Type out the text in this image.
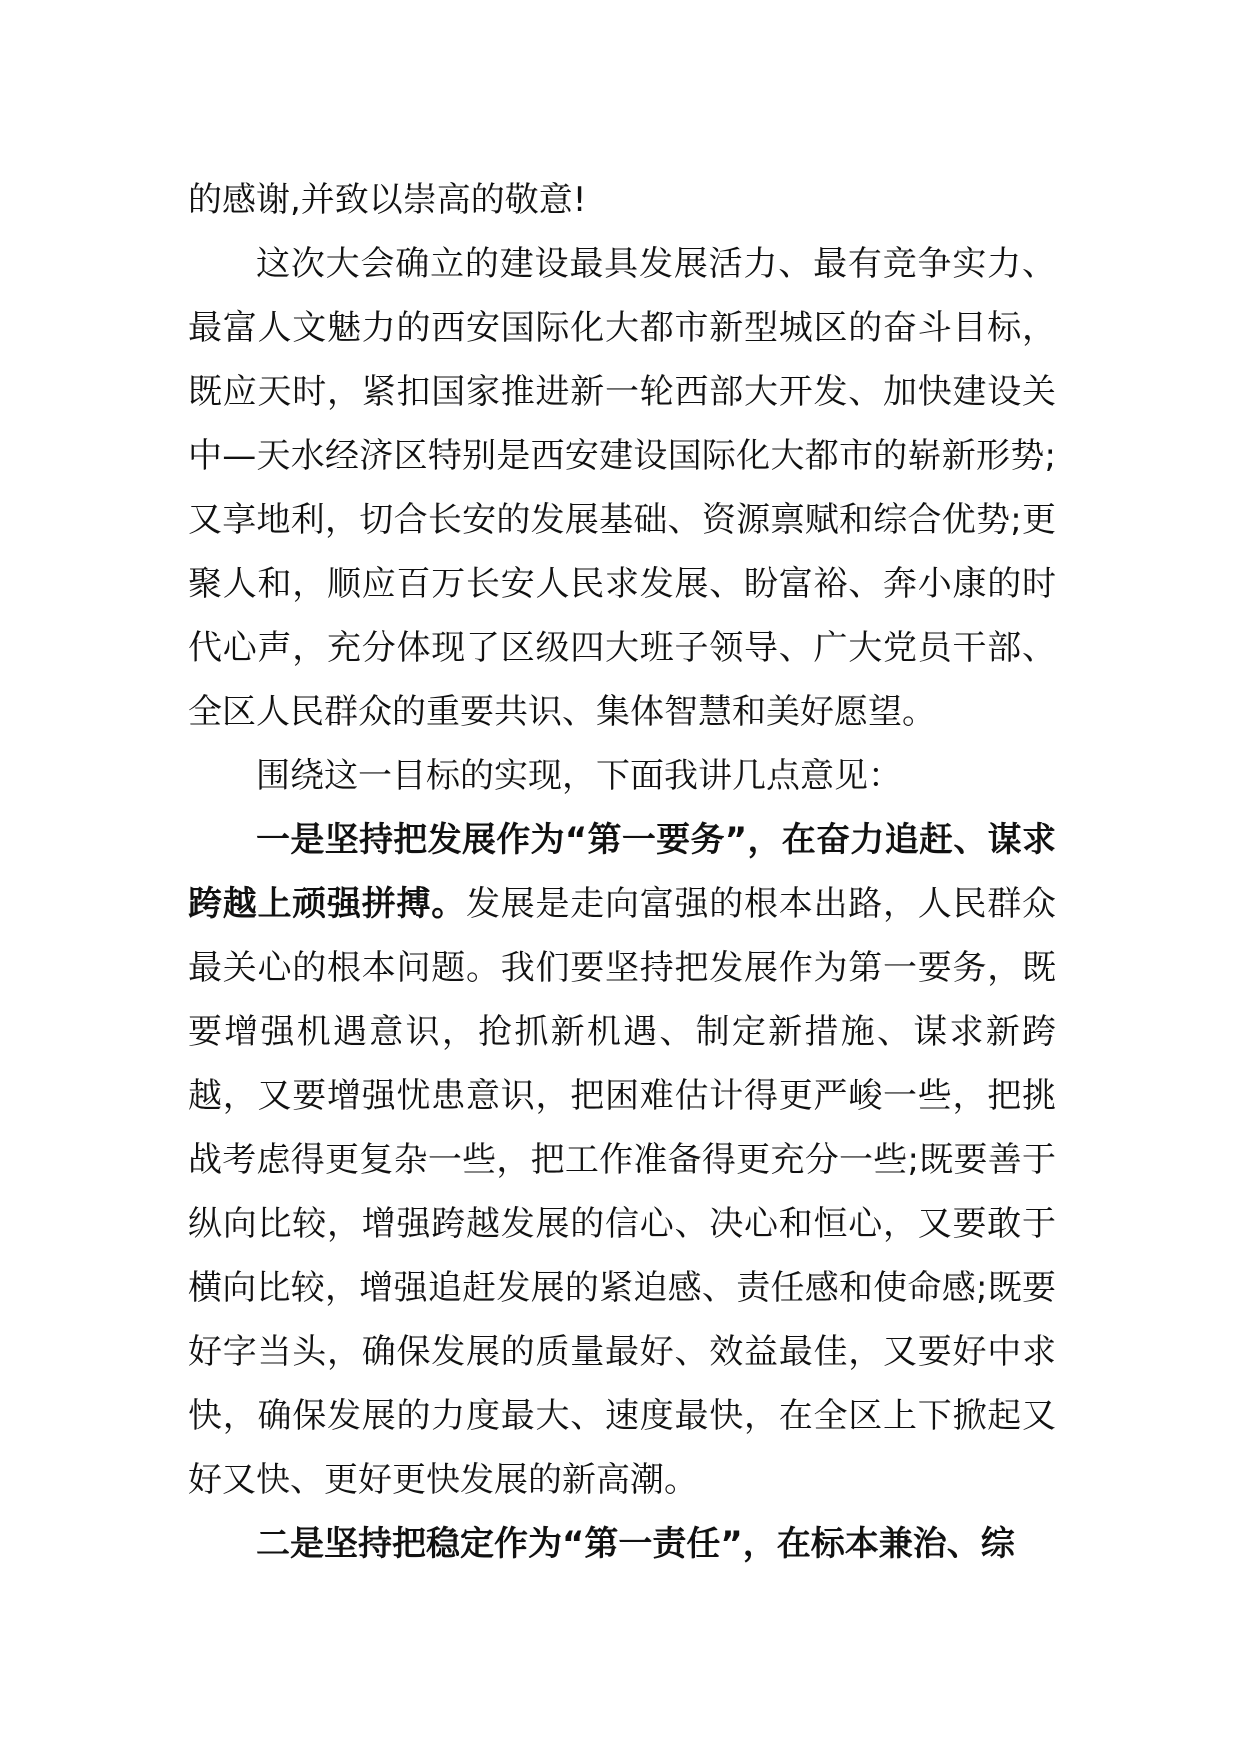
的感谢,并致以崇高的敬意!

这次大会确立的建设最具发展活力、最有竞争实力、最富人文魅力的西安国际化大都市新型城区的奋斗目标，既应天时，紧扣国家推进新一轮西部大开发、加快建设关中—天水经济区特别是西安建设国际化大都市的崭新形势;又享地利，切合长安的发展基础、资源禀赋和综合优势;更聚人和，顺应百万长安人民求发展、盼富裕、奔小康的时代心声，充分体现了区级四大班子领导、广大党员干部、全区人民群众的重要共识、集体智慧和美好愿望。

围绕这一目标的实现，下面我讲几点意见：

一是坚持把发展作为“第一要务”，在奋力追赶、谋求跨越上顽强拼搏。发展是走向富强的根本出路，人民群众最关心的根本问题。我们要坚持把发展作为第一要务，既要增强机遇意识，抢抓新机遇、制定新措施、谋求新跨越，又要增强忧患意识，把困难估计得更严峻一些，把挑战考虑得更复杂一些，把工作准备得更充分一些;既要善于纵向比较，增强跨越发展的信心、决心和恒心，又要敢于横向比较，增强追赶发展的紧迫感、责任感和使命感;既要好字当头，确保发展的质量最好、效益最佳，又要好中求快，确保发展的力度最大、速度最快，在全区上下掀起又好又快、更好更快发展的新高潮。

二是坚持把稳定作为“第一责任”，在标本兼治、综
